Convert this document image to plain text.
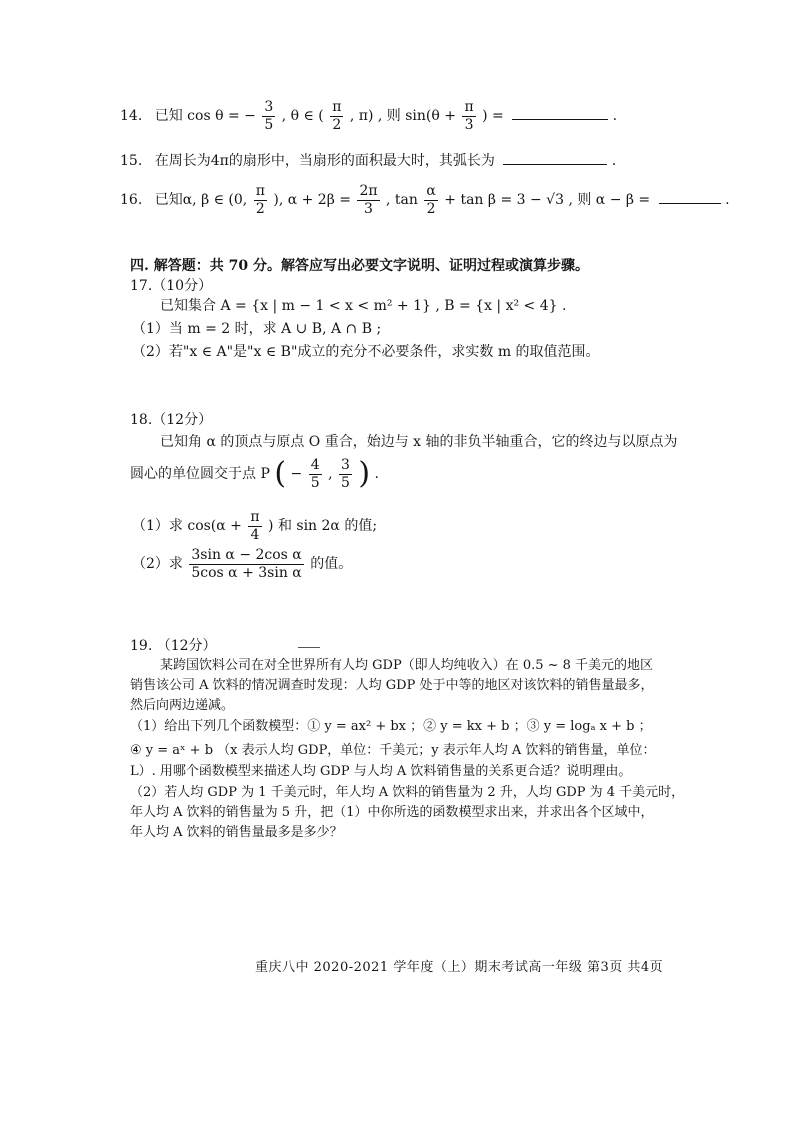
14. 已知 cos θ = − $\frac{3}{5}$ , θ ∈ ( $\frac{\pi}{2}$ , π) , 则 $\sin(\theta + \frac{\pi}{3}$ ) =	.
15. 在周长为4π的扇形中，当扇形的面积最大时，其弧长为	.
16. 已知α, β ∈ (0, $\frac{\pi}{2}$ ), $\alpha + 2\beta = \frac{2\pi}{3}$ , $\tan \frac{\alpha}{2} + \tan \beta = 3 - √3$ , 则 α − β =	.
四. 解答题：共 70 分。解答应写出必要文字说明、证明过程或演算步骤。
17.（10分）
已知集合 A = {x | m − 1 < x < m² + 1} , B = {x | x² < 4} .
（1）当 m = 2 时，求 A ∪ B, A ∩ B ;
（2）若"x ∈ A"是"x ∈ B"成立的充分不必要条件，求实数 m 的取值范围。
18.（12分）
已知角 α 的顶点与原点 O 重合，始边与 x 轴的非负半轴重合，它的终边与以原点为
圆心的单位圆交于点 P ( − $\frac{4}{5}$ , $\frac{3}{5}$ ) .
（1）求 $\cos(\alpha + \frac{\pi}{4}$ ) 和 sin 2α 的值;
（2）求 $\frac{\text{3sin α − 2cos α}}{\text{5cos α + 3sin α}}$ 的值。
19. （12分）
某跨国饮料公司在对全世界所有人均 GDP（即人均纯收入）在 0.5 ~ 8 千美元的地区
销售该公司 A 饮料的情况调查时发现：人均 GDP 处于中等的地区对该饮料的销售量最多，
然后向两边递减。
（1）给出下列几个函数模型：① y = ax² + bx ；② y = kx + b ；③ y = logₐ x + b ；
④ y = aˣ + b （x 表示人均 GDP，单位：千美元；y 表示年人均 A 饮料的销售量，单位：
L）. 用哪个函数模型来描述人均 GDP 与人均 A 饮料销售量的关系更合适？说明理由。
（2）若人均 GDP 为 1 千美元时，年人均 A 饮料的销售量为 2 升，人均 GDP 为 4 千美元时，
年人均 A 饮料的销售量为 5 升，把（1）中你所选的函数模型求出来，并求出各个区域中，
年人均 A 饮料的销售量最多是多少？
重庆八中 2020-2021 学年度（上）期末考试高一年级 第3页 共4页
